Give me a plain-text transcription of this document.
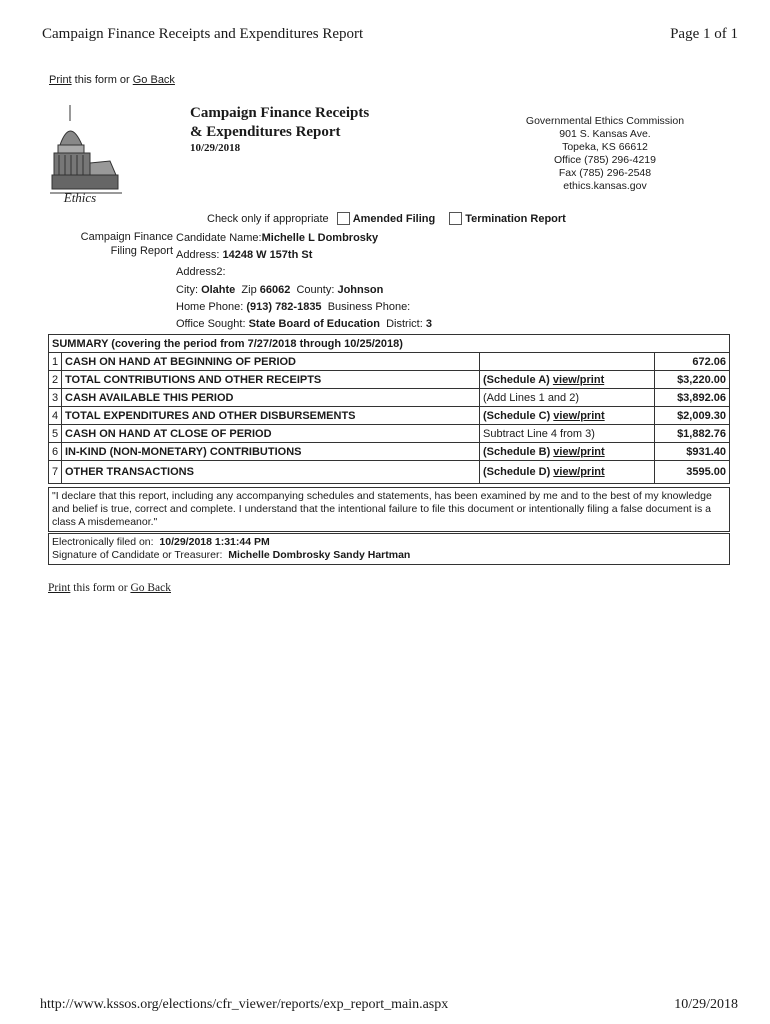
Campaign Finance Receipts and Expenditures Report	Page 1 of 1
Print this form or Go Back
Ethics
Campaign Finance Receipts
& Expenditures Report
10/29/2018
Governmental Ethics Commission
901 S. Kansas Ave.
Topeka, KS 66612
Office (785) 296-4219
Fax (785) 296-2548
ethics.kansas.gov
Check only if appropriate Amended Filing	Termination Report
Campaign Finance
Filing Report
Candidate Name:Michelle L Dombrosky
Address: 14248 W 157th St
Address2:
City: Olahte Zip 66062 County: Johnson
Home Phone: (913) 782-1835 Business Phone:
Office Sought: State Board of Education District: 3
SUMMARY (covering the period from 7/27/2018 through 10/25/2018)			
1	CASH ON HAND AT BEGINNING OF PERIOD		672.06
2	TOTAL CONTRIBUTIONS AND OTHER RECEIPTS	(Schedule A) view/print	$3,220.00
3	CASH AVAILABLE THIS PERIOD	(Add Lines 1 and 2)	$3,892.06
4	TOTAL EXPENDITURES AND OTHER DISBURSEMENTS	(Schedule C) view/print	$2,009.30
5	CASH ON HAND AT CLOSE OF PERIOD	Subtract Line 4 from 3)	$1,882.76
6	IN-KIND (NON-MONETARY) CONTRIBUTIONS	(Schedule B) view/print	$931.40
7	OTHER TRANSACTIONS	(Schedule D) view/print	3595.00
"I declare that this report, including any accompanying schedules and statements, has been examined by me and to the best of my knowledge and belief is true, correct and complete. I understand that the intentional failure to file this document or intentionally filing a false document is a class A misdemeanor."
Electronically filed on: 10/29/2018 1:31:44 PM
Signature of Candidate or Treasurer: Michelle Dombrosky Sandy Hartman
Print this form or Go Back
http://www.kssos.org/elections/cfr_viewer/reports/exp_report_main.aspx	10/29/2018
